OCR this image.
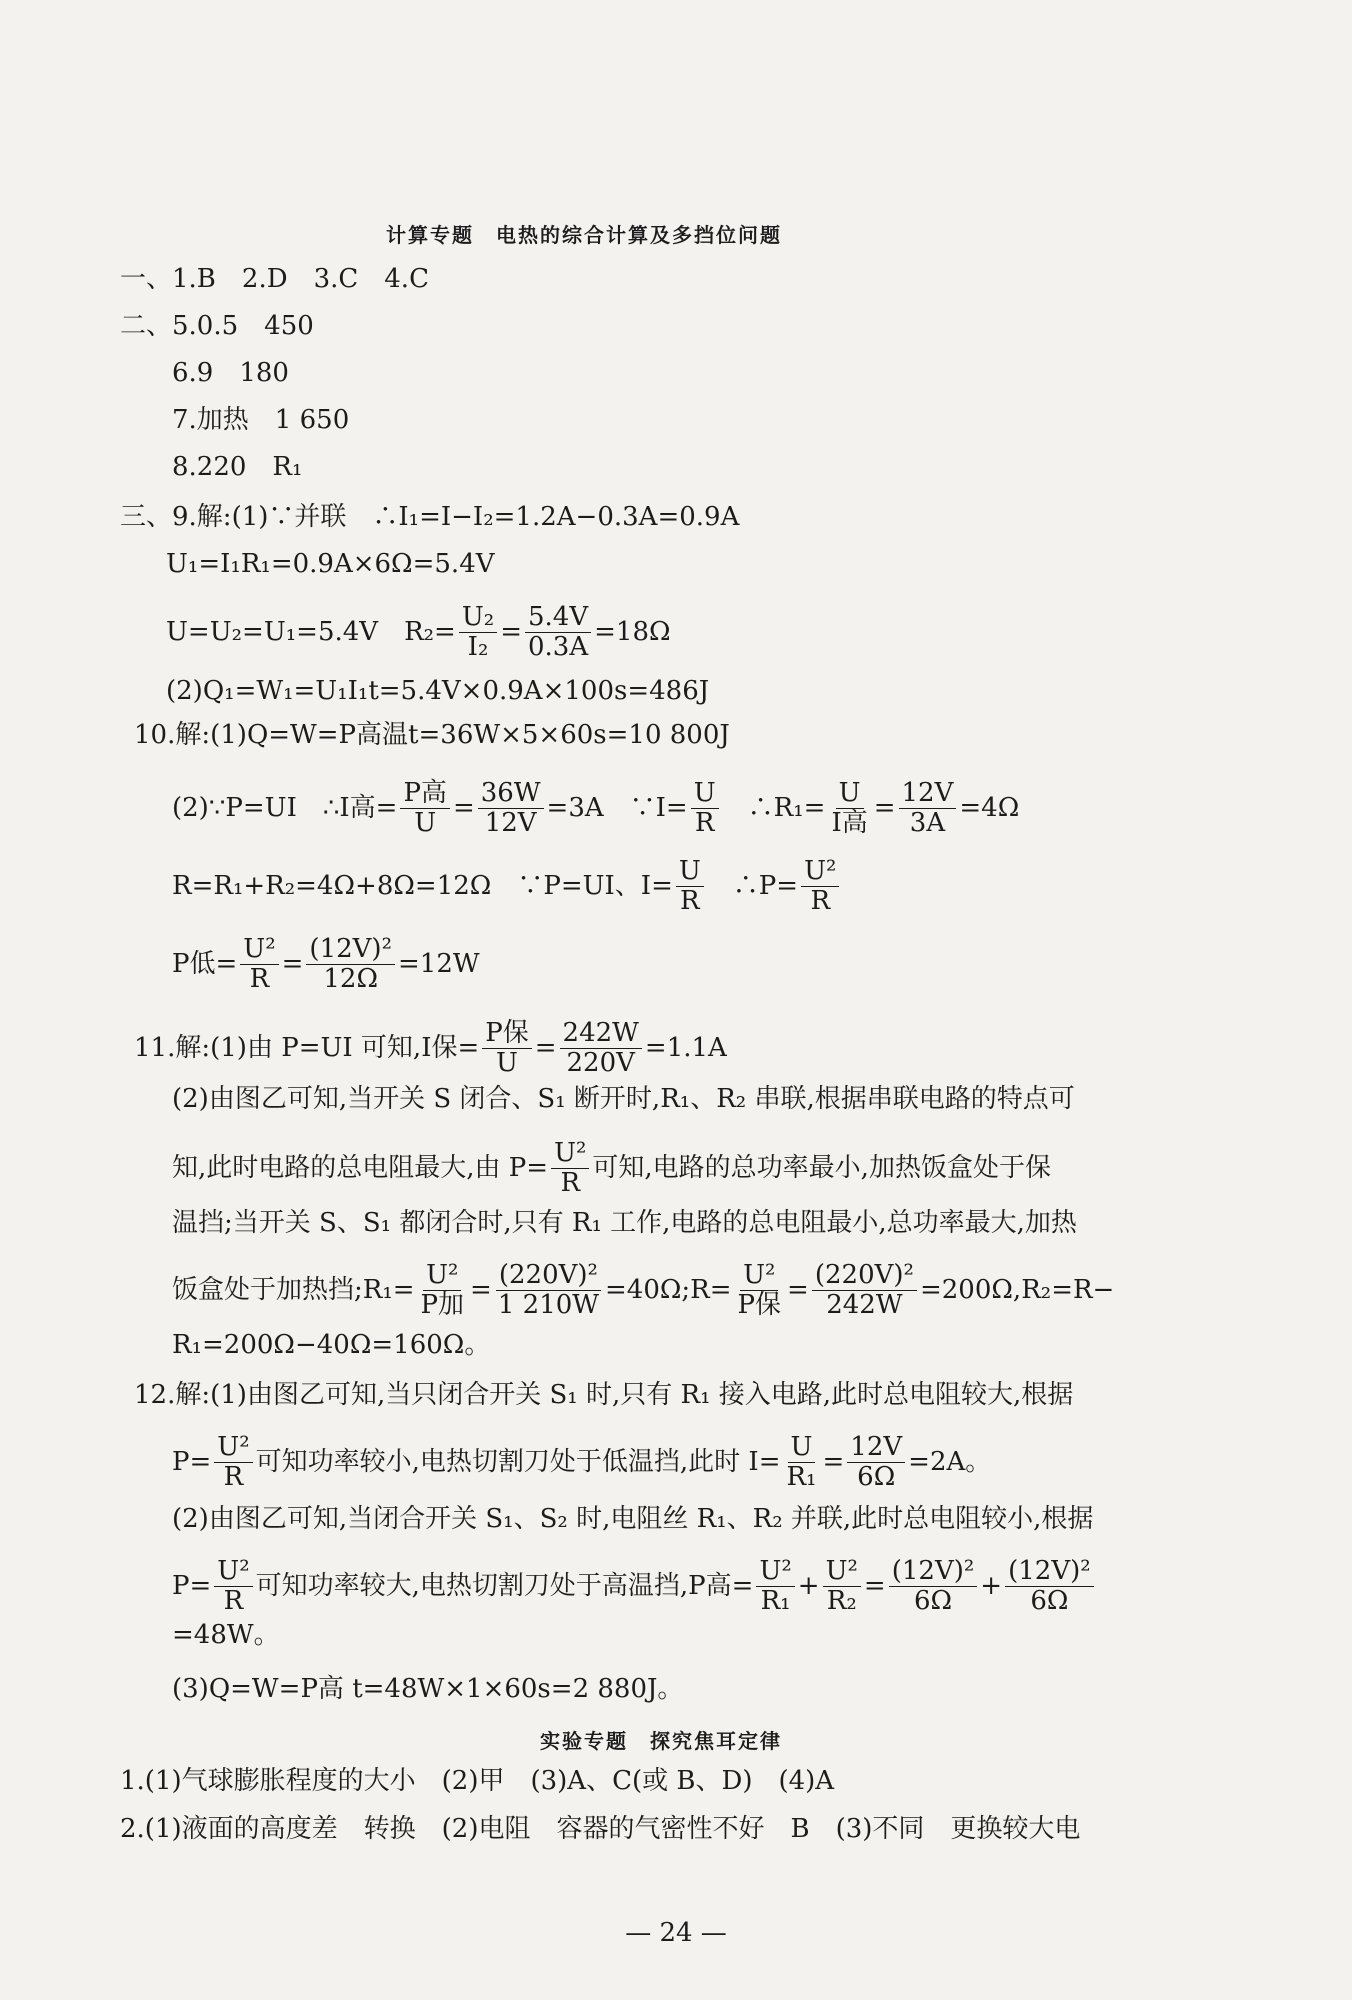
计算专题　电热的综合计算及多挡位问题
一、1.B　2.D　3.C　4.C
二、5.0.5　450
6.9　180
7.加热　1 650
8.220　R₁
三、9.解:(1)∵并联　∴I₁=I−I₂=1.2A−0.3A=0.9A
U₁=I₁R₁=0.9A×6Ω=5.4V
U=U₂=U₁=5.4V　$R_2= \frac{\text{U₂}}{\text{I₂}} = \frac{5.4V}{0.3A} =18\Omega$
(2)Q₁=W₁=U₁I₁t=5.4V×0.9A×100s=486J
10.解:(1)Q=W=P高温t=36W×5×60s=10 800J
(2)∵P=UI　∴I高= $\frac{\text{P高}}{U} = \frac{36W}{12V} =3A$　∵I= $\frac{U}{R}$ 　∴R₁= $\frac{U}{\text{I高}} = \frac{12V}{3A} =4\Omega$
R=R₁+R₂=4Ω+8Ω=12Ω　∵P=UI、$I= \frac{U}{R}$ 　∴P= $\frac{\text{U²}}{R}$
P低= $\frac{\text{U²}}{R} = \frac{\text{(12V)²}}{12\Omega} =12W$
11.解:(1)由 P=UI 可知,I保= $\frac{\text{P保}}{U} = \frac{242W}{220V} =1.1A$
(2)由图乙可知,当开关 S 闭合、S₁ 断开时,R₁、R₂ 串联,根据串联电路的特点可
知,此时电路的总电阻最大,由 $P= \frac{\text{U²}}{R}$ 可知,电路的总功率最小,加热饭盒处于保
温挡;当开关 S、S₁ 都闭合时,只有 R₁ 工作,电路的总电阻最小,总功率最大,加热
饭盒处于加热挡;R₁= $\frac{\text{U²}}{\text{P加}} = \frac{\text{(220V)²}}{1 210W}$ =40Ω;R= $\frac{\text{U²}}{\text{P保}} = \frac{\text{(220V)²}}{242W} =200\Omega,R_2=R-$
R₁=200Ω−40Ω=160Ω。
12.解:(1)由图乙可知,当只闭合开关 S₁ 时,只有 R₁ 接入电路,此时总电阻较大,根据
$P= \frac{\text{U²}}{R}$ 可知功率较小,电热切割刀处于低温挡,此时 $I= \frac{U}{\text{R₁}} = \frac{12V}{6\Omega} =2A$。
(2)由图乙可知,当闭合开关 S₁、S₂ 时,电阻丝 R₁、R₂ 并联,此时总电阻较小,根据
$P= \frac{\text{U²}}{R}$ 可知功率较大,电热切割刀处于高温挡,P高= $\frac{\text{U²}}{\text{R₁}} + \frac{\text{U²}}{\text{R₂}} = \frac{\text{(12V)²}}{6\Omega} + \frac{\text{(12V)²}}{6\Omega}$
=48W。
(3)Q=W=P高 t=48W×1×60s=2 880J。
实验专题　探究焦耳定律
1.(1)气球膨胀程度的大小　(2)甲　(3)A、C(或 B、D)　(4)A
2.(1)液面的高度差　转换　(2)电阻　容器的气密性不好　B　(3)不同　更换较大电
— 24 —
